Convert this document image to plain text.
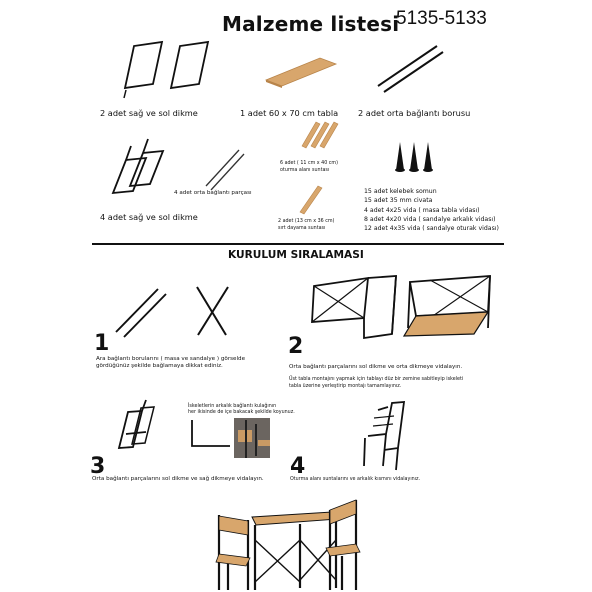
Malzeme listesi
5135-5133
2 adet sağ ve sol dikme	1 adet 60 x 70 cm tabla 2 adet orta bağlantı borusu
4 adet orta bağlantı parçası
4 adet sağ ve sol dikme
6 adet ( 11 cm x 40 cm)
oturma alanı suntası
2 adet (13 cm x 36 cm)
sırt dayama suntası
15 adet kelebek somun
15 adet 35 mm civata
4 adet 4x25 vida ( masa tabla vidası)
8 adet 4x20 vida ( sandalye arkalık vidası)
12 adet 4x35 vida ( sandalye oturak vidası)
KURULUM SIRALAMASI
1
Ara bağlantı borularını ( masa ve sandalye ) görselde
gördüğünüz şekilde bağlamaya dikkat ediniz.
2
Orta bağlantı parçalarını sol dikme ve orta dikmeye vidalayın.
Üst tabla montajını yapmak için tablayı düz bir zemine sabitleyip iskeleti
tabla üzerine yerleştirip montajı tamamlayınız.
İskeletlerin arkalık bağlantı kulağının
her ikisinde de içe bakacak şekilde koyunuz.
3
Orta bağlantı parçalarını sol dikme ve sağ dikmeye vidalayın. 4
Oturma alanı suntalarını ve arkalık kısmını vidalayınız.
